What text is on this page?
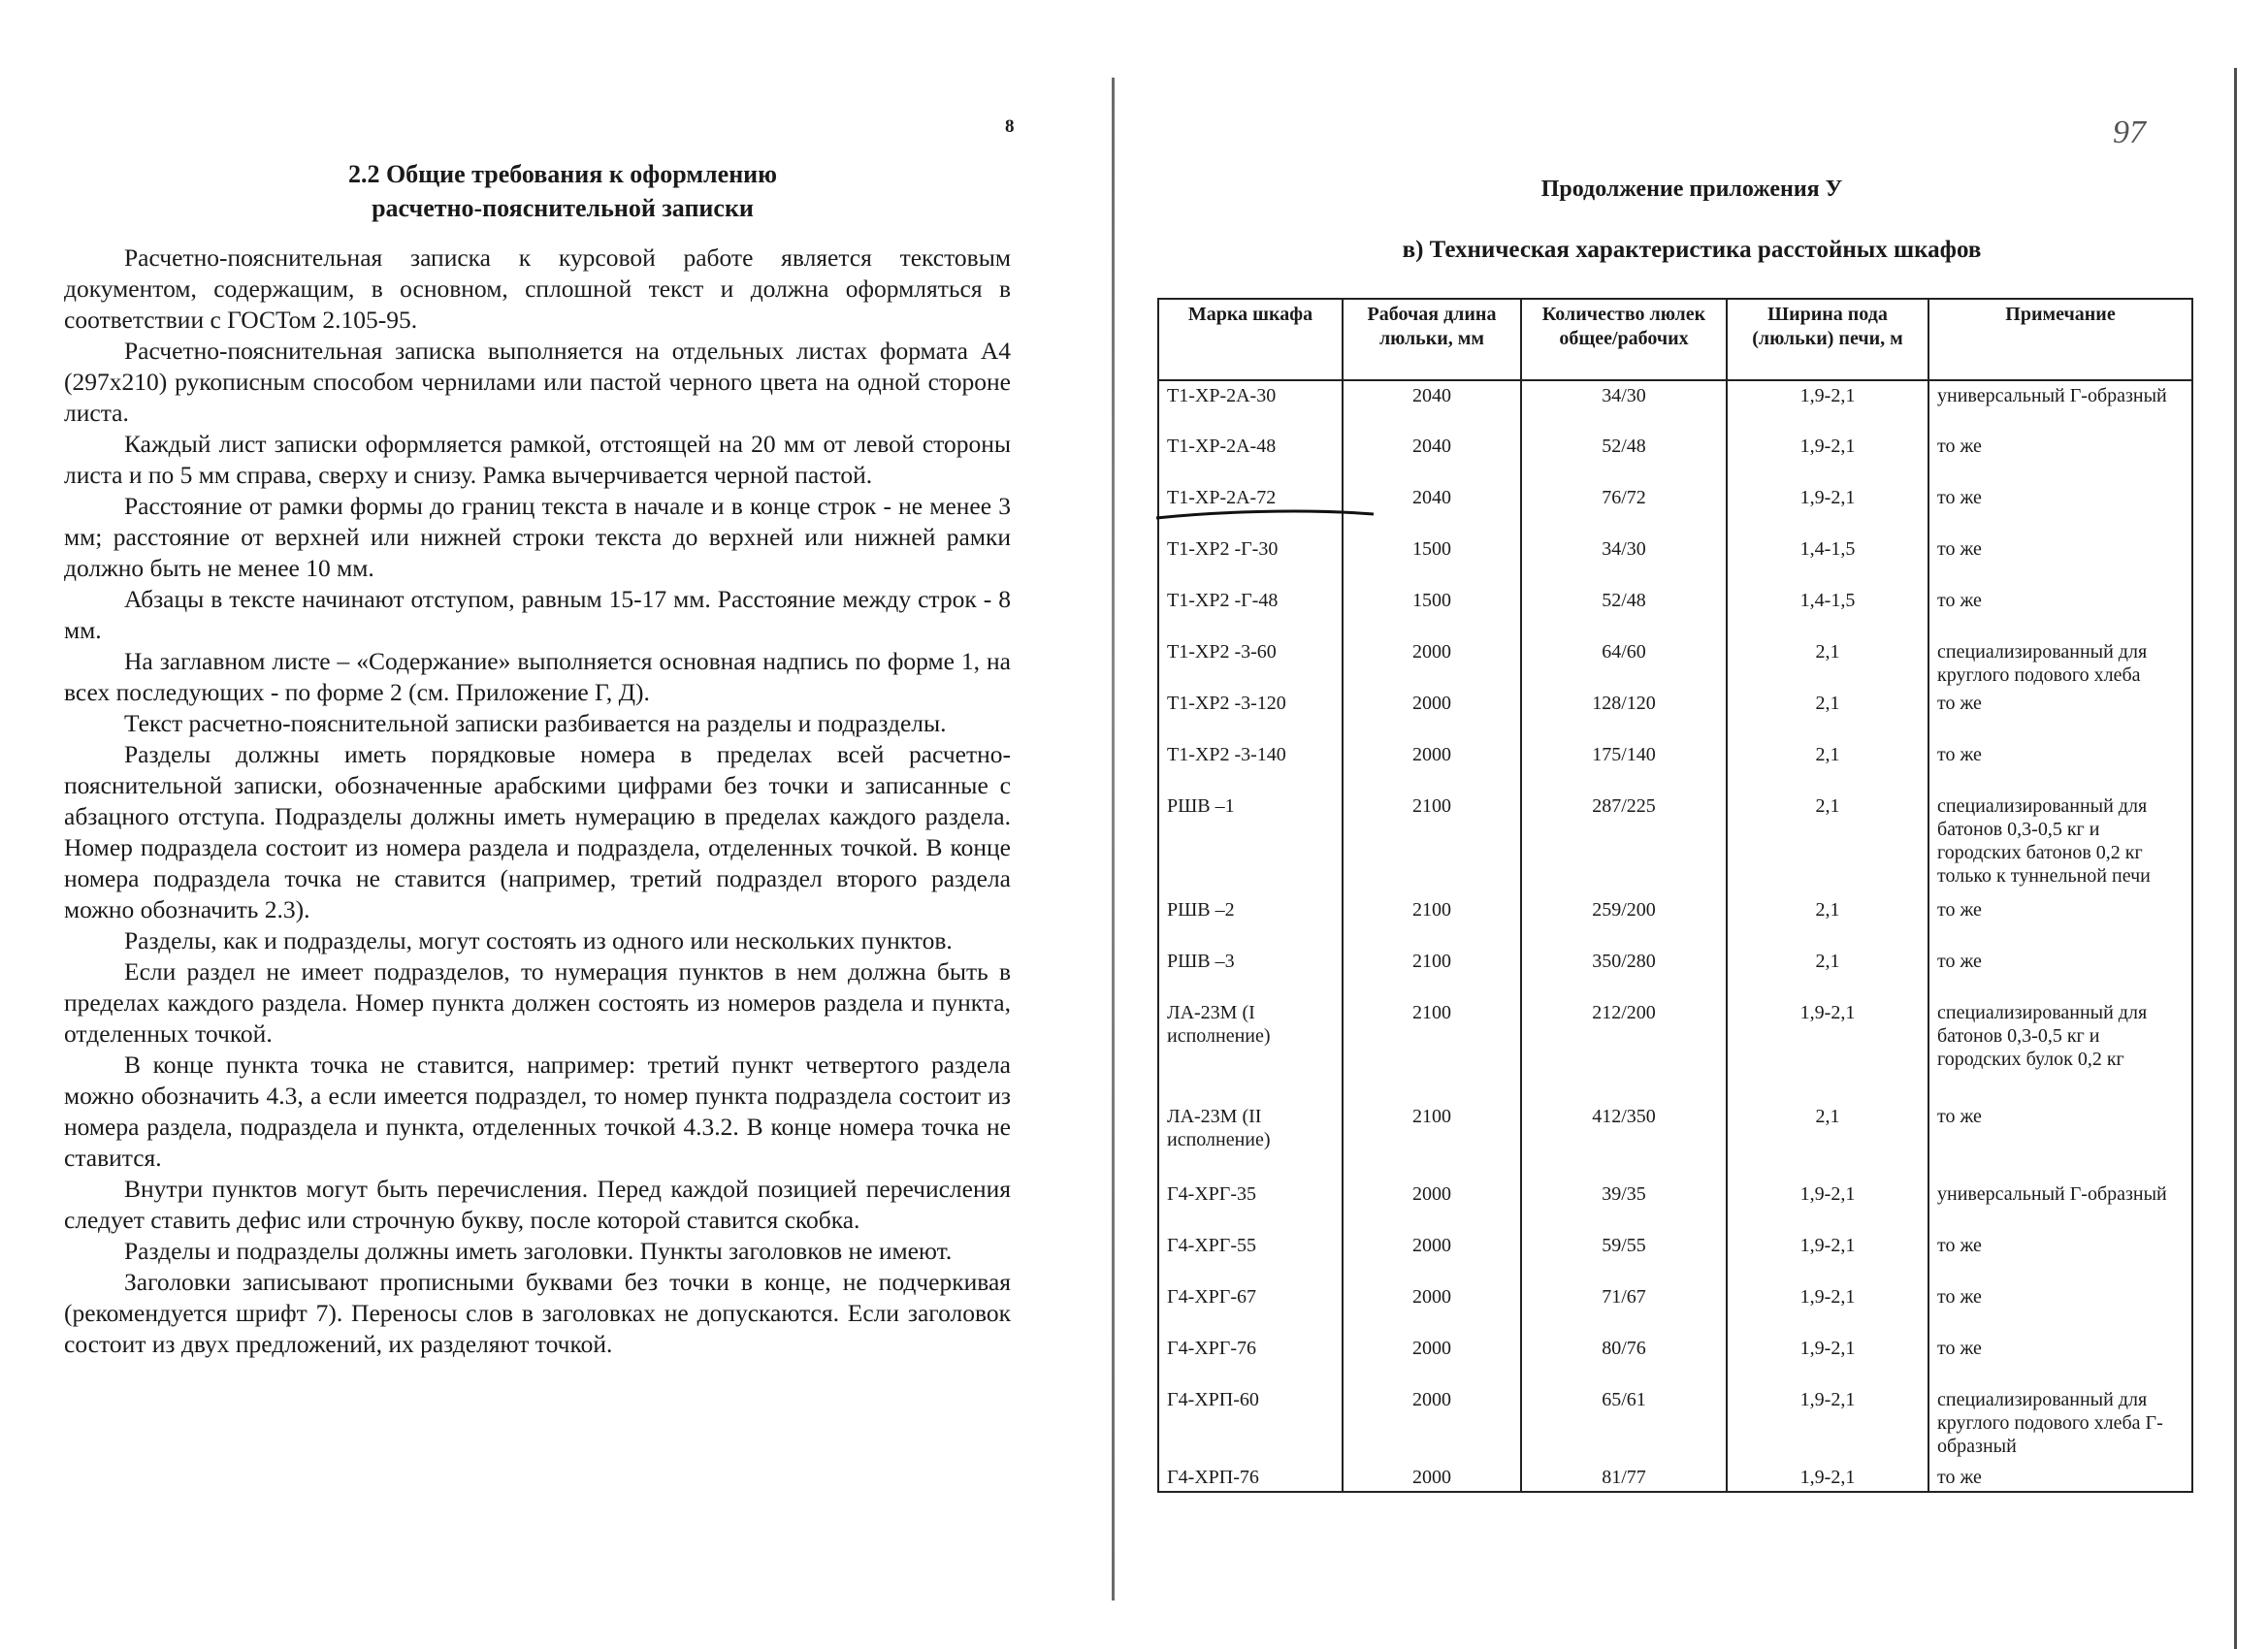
8
2.2 Общие требования к оформлению
расчетно-пояснительной записки

Расчетно-пояснительная записка к курсовой работе является текстовым документом, содержащим, в основном, сплошной текст и должна оформляться в соответствии с ГОСТом 2.105-95.

Расчетно-пояснительная записка выполняется на отдельных листах формата А4 (297х210) рукописным способом чернилами или пастой черного цвета на одной стороне листа.

Каждый лист записки оформляется рамкой, отстоящей на 20 мм от левой стороны листа и по 5 мм справа, сверху и снизу. Рамка вычерчивается черной пастой.

Расстояние от рамки формы до границ текста в начале и в конце строк - не менее 3 мм; расстояние от верхней или нижней строки текста до верхней или нижней рамки должно быть не менее 10 мм.

Абзацы в тексте начинают отступом, равным 15-17 мм. Расстояние между строк - 8 мм.

На заглавном листе – «Содержание» выполняется основная надпись по форме 1, на всех последующих - по форме 2 (см. Приложение Г, Д).

Текст расчетно-пояснительной записки разбивается на разделы и подразделы.

Разделы должны иметь порядковые номера в пределах всей расчетно-пояснительной записки, обозначенные арабскими цифрами без точки и записанные с абзацного отступа. Подразделы должны иметь нумерацию в пределах каждого раздела. Номер подраздела состоит из номера раздела и подраздела, отделенных точкой. В конце номера подраздела точка не ставится (например, третий подраздел второго раздела можно обозначить 2.3).

Разделы, как и подразделы, могут состоять из одного или нескольких пунктов.

Если раздел не имеет подразделов, то нумерация пунктов в нем должна быть в пределах каждого раздела. Номер пункта должен состоять из номеров раздела и пункта, отделенных точкой.

В конце пункта точка не ставится, например: третий пункт четвертого раздела можно обозначить 4.3, а если имеется подраздел, то номер пункта подраздела состоит из номера раздела, подраздела и пункта, отделенных точкой 4.3.2. В конце номера точка не ставится.

Внутри пунктов могут быть перечисления. Перед каждой позицией перечисления следует ставить дефис или строчную букву, после которой ставится скобка.

Разделы и подразделы должны иметь заголовки. Пункты заголовков не имеют.

Заголовки записывают прописными буквами без точки в конце, не подчеркивая (рекомендуется шрифт 7). Переносы слов в заголовках не допускаются. Если заголовок состоит из двух предложений, их разделяют точкой.

97
Продолжение приложения У
в) Техническая характеристика расстойных шкафов
Марка шкафа	Рабочая длина люльки, мм	Количество люлек общее/рабочих	Ширина пода (люльки) печи, м	Примечание
Т1-ХР-2А-30	2040	34/30	1,9-2,1	универсальный Г-образный
Т1-ХР-2А-48	2040	52/48	1,9-2,1	то же
Т1-ХР-2А-72	2040	76/72	1,9-2,1	то же
Т1-ХР2 -Г-30	1500	34/30	1,4-1,5	то же
Т1-ХР2 -Г-48	1500	52/48	1,4-1,5	то же
Т1-ХР2 -3-60	2000	64/60	2,1	специализированный для круглого подового хлеба
Т1-ХР2 -3-120	2000	128/120	2,1	то же
Т1-ХР2 -3-140	2000	175/140	2,1	то же
РШВ –1	2100	287/225	2,1	специализированный для батонов 0,3-0,5 кг и городских батонов 0,2 кг только к туннельной печи
РШВ –2	2100	259/200	2,1	то же
РШВ –3	2100	350/280	2,1	то же
ЛА-23М (I исполнение)	2100	212/200	1,9-2,1	специализированный для батонов 0,3-0,5 кг и городских булок 0,2 кг
ЛА-23М (II исполнение)	2100	412/350	2,1	то же
Г4-ХРГ-35	2000	39/35	1,9-2,1	универсальный Г-образный
Г4-ХРГ-55	2000	59/55	1,9-2,1	то же
Г4-ХРГ-67	2000	71/67	1,9-2,1	то же
Г4-ХРГ-76	2000	80/76	1,9-2,1	то же
Г4-ХРП-60	2000	65/61	1,9-2,1	специализированный для круглого подового хлеба Г- образный
Г4-ХРП-76	2000	81/77	1,9-2,1	то же
